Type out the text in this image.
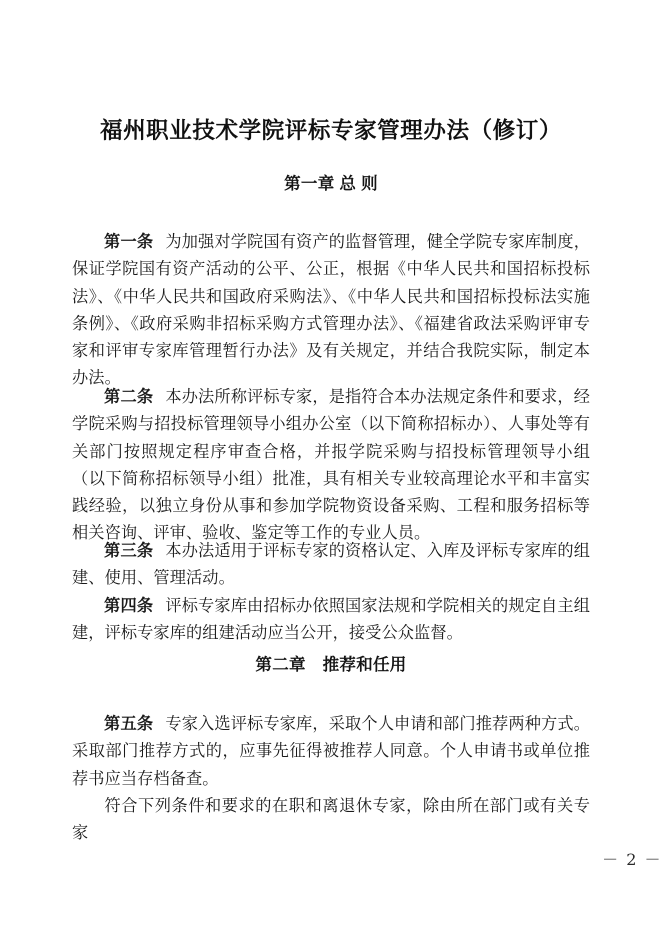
福州职业技术学院评标专家管理办法（修订）
第一章 总 则

第一条 为加强对学院国有资产的监督管理，健全学院专家库制度，保证学院国有资产活动的公平、公正，根据《中华人民共和国招标投标法》、《中华人民共和国政府采购法》、《中华人民共和国招标投标法实施条例》、《政府采购非招标采购方式管理办法》、《福建省政法采购评审专家和评审专家库管理暂行办法》及有关规定，并结合我院实际，制定本办法。

第二条 本办法所称评标专家，是指符合本办法规定条件和要求，经学院采购与招投标管理领导小组办公室（以下简称招标办）、人事处等有关部门按照规定程序审查合格，并报学院采购与招投标管理领导小组（以下简称招标领导小组）批准，具有相关专业较高理论水平和丰富实践经验，以独立身份从事和参加学院物资设备采购、工程和服务招标等相关咨询、评审、验收、鉴定等工作的专业人员。

第三条 本办法适用于评标专家的资格认定、入库及评标专家库的组建、使用、管理活动。

第四条 评标专家库由招标办依照国家法规和学院相关的规定自主组建，评标专家库的组建活动应当公开，接受公众监督。

第二章　推荐和任用

第五条 专家入选评标专家库，采取个人申请和部门推荐两种方式。采取部门推荐方式的，应事先征得被推荐人同意。个人申请书或单位推荐书应当存档备查。

符合下列条件和要求的在职和离退休专家，除由所在部门或有关专家

－ 2 －
